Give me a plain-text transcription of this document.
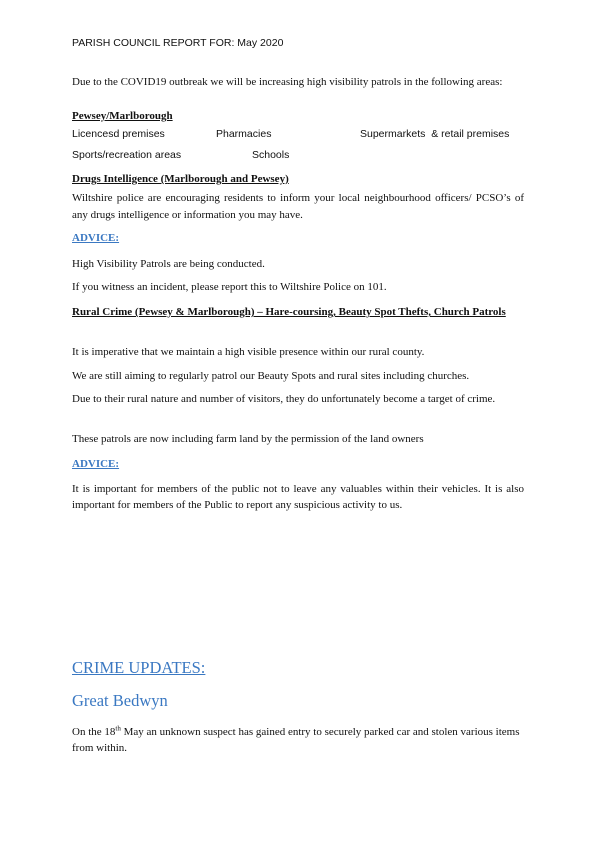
PARISH COUNCIL REPORT FOR: May 2020

Due to the COVID19 outbreak we will be increasing high visibility patrols in the following areas:

Pewsey/Marlborough
Licencesd premises	Pharmacies	Supermarkets  & retail premises
Sports/recreation areas	Schools
Drugs Intelligence (Marlborough and Pewsey)

Wiltshire police are encouraging residents to inform your local neighbourhood officers/ PCSO’s of any drugs intelligence or information you may have.

ADVICE:

High Visibility Patrols are being conducted.

If you witness an incident, please report this to Wiltshire Police on 101.

Rural Crime (Pewsey & Marlborough) – Hare-coursing, Beauty Spot Thefts, Church Patrols

It is imperative that we maintain a high visible presence within our rural county.

We are still aiming to regularly patrol our Beauty Spots and rural sites including churches.

Due to their rural nature and number of visitors, they do unfortunately become a target of crime.

These patrols are now including farm land by the permission of the land owners

ADVICE:

It is important for members of the public not to leave any valuables within their vehicles. It is also important for members of the Public to report any suspicious activity to us.

CRIME UPDATES:
Great Bedwyn

On the 18th May an unknown suspect has gained entry to securely parked car and stolen various items from within.
